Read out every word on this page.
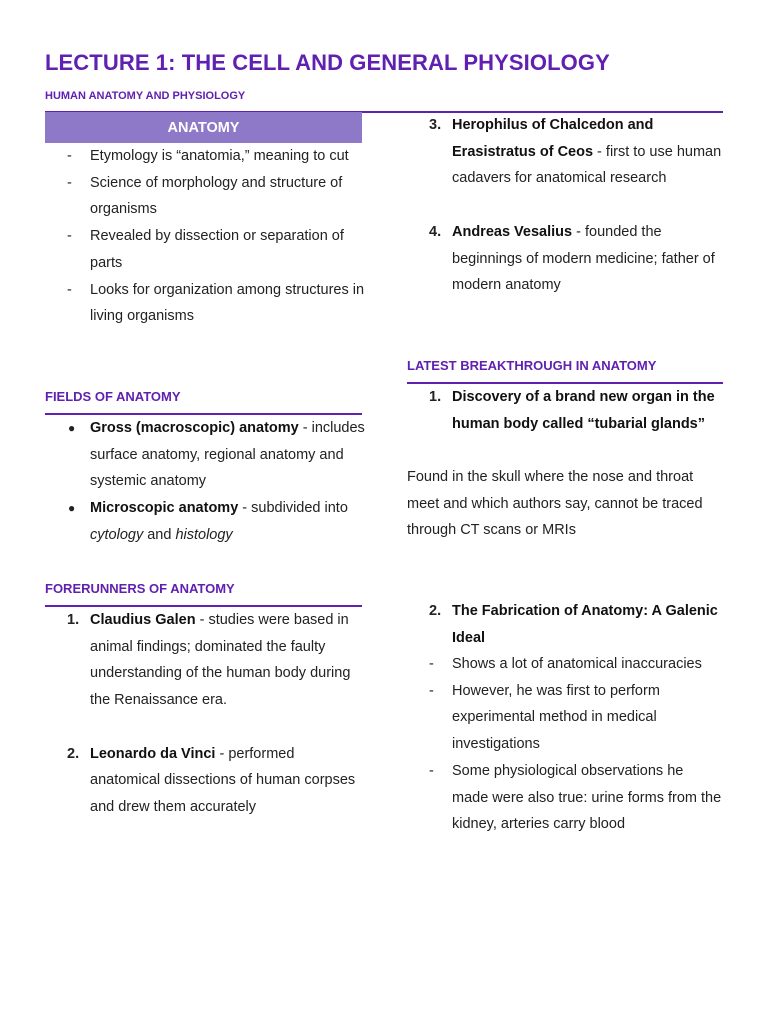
LECTURE 1: THE CELL AND GENERAL PHYSIOLOGY
HUMAN ANATOMY AND PHYSIOLOGY
ANATOMY
- Etymology is “anatomia,” meaning to cut
- Science of morphology and structure of organisms
- Revealed by dissection or separation of parts
- Looks for organization among structures in living organisms
FIELDS OF ANATOMY
● Gross (macroscopic) anatomy - includes surface anatomy, regional anatomy and systemic anatomy
● Microscopic anatomy - subdivided into cytology and histology
FORERUNNERS OF ANATOMY
1. Claudius Galen - studies were based in animal findings; dominated the faulty understanding of the human body during the Renaissance era.
2. Leonardo da Vinci - performed anatomical dissections of human corpses and drew them accurately
3. Herophilus of Chalcedon and Erasistratus of Ceos - first to use human cadavers for anatomical research
4. Andreas Vesalius - founded the beginnings of modern medicine; father of modern anatomy
LATEST BREAKTHROUGH IN ANATOMY
1. Discovery of a brand new organ in the human body called “tubarial glands”
Found in the skull where the nose and throat meet and which authors say, cannot be traced through CT scans or MRIs
2. The Fabrication of Anatomy: A Galenic Ideal
- Shows a lot of anatomical inaccuracies
- However, he was first to perform experimental method in medical investigations
- Some physiological observations he made were also true: urine forms from the kidney, arteries carry blood
